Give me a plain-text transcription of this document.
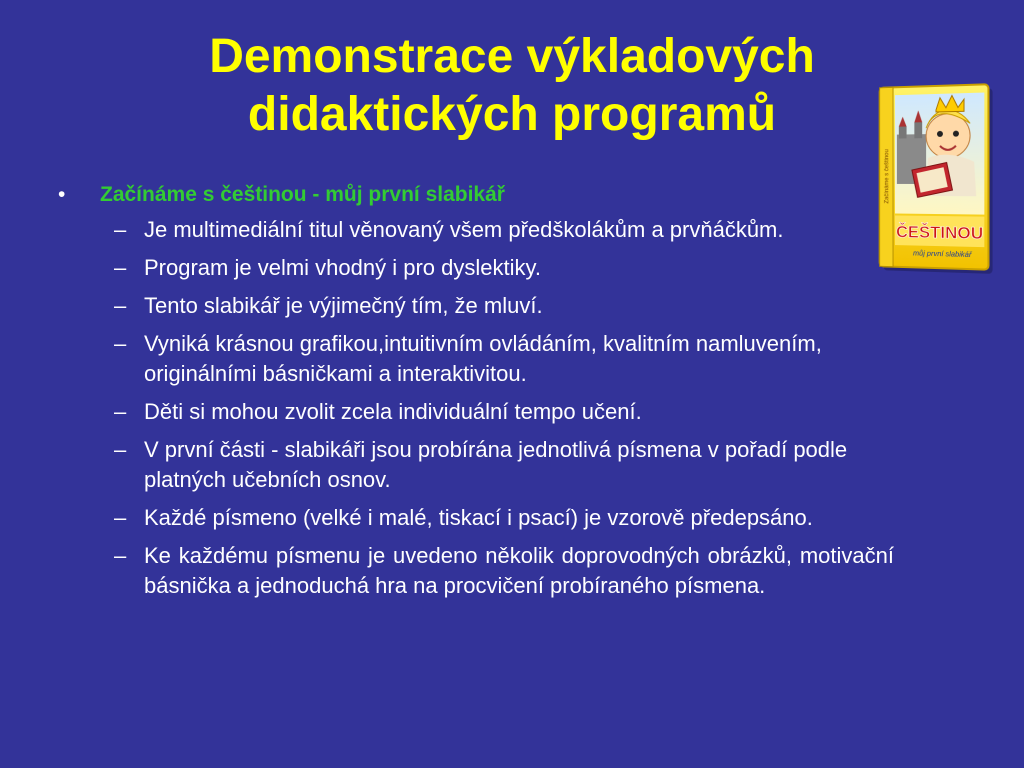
Demonstrace výkladových
didaktických programů
Začínáme s češtinou
ČEŠTINOU
můj první slabikář
•	Začínáme s češtinou - můj první slabikář
– Je multimediální titul věnovaný všem předškolákům a prvňáčkům.
– Program je velmi vhodný i pro dyslektiky.
– Tento slabikář je výjimečný tím, že mluví.
– Vyniká krásnou grafikou,intuitivním ovládáním, kvalitním namluvením, originálními básničkami a interaktivitou.
– Děti si mohou zvolit zcela individuální tempo učení.
– V první části - slabikáři jsou probírána jednotlivá písmena v pořadí podle platných učebních osnov.
– Každé písmeno (velké i malé, tiskací i psací) je vzorově předepsáno.
– Ke každému písmenu je uvedeno několik doprovodných obrázků, motivační básnička a jednoduchá hra na procvičení probíraného písmena.
